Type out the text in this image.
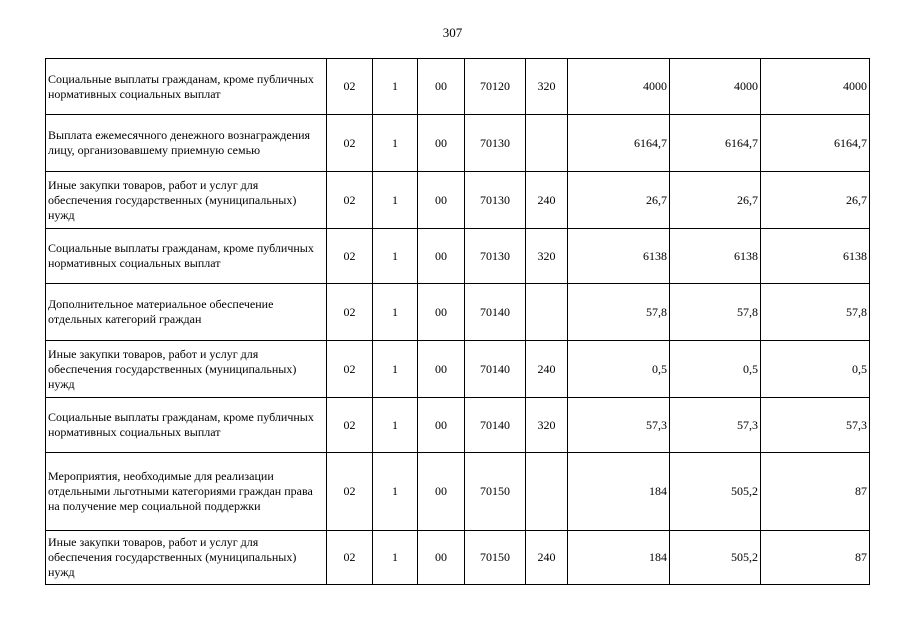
307
Социальные выплаты гражданам, кроме публичных нормативных социальных выплат	02	1	00	70120	320	4000	4000	4000
Выплата ежемесячного денежного вознаграждения лицу, организовавшему приемную семью	02	1	00	70130		6164,7	6164,7	6164,7
Иные закупки товаров, работ и услуг для обеспечения государственных (муниципальных) нужд	02	1	00	70130	240	26,7	26,7	26,7
Социальные выплаты гражданам, кроме публичных нормативных социальных выплат	02	1	00	70130	320	6138	6138	6138
Дополнительное материальное обеспечение отдельных категорий граждан	02	1	00	70140		57,8	57,8	57,8
Иные закупки товаров, работ и услуг для обеспечения государственных (муниципальных) нужд	02	1	00	70140	240	0,5	0,5	0,5
Социальные выплаты гражданам, кроме публичных нормативных социальных выплат	02	1	00	70140	320	57,3	57,3	57,3
Мероприятия, необходимые для реализации отдельными льготными категориями граждан права на получение мер социальной поддержки	02	1	00	70150		184	505,2	87
Иные закупки товаров, работ и услуг для обеспечения государственных (муниципальных) нужд	02	1	00	70150	240	184	505,2	87
